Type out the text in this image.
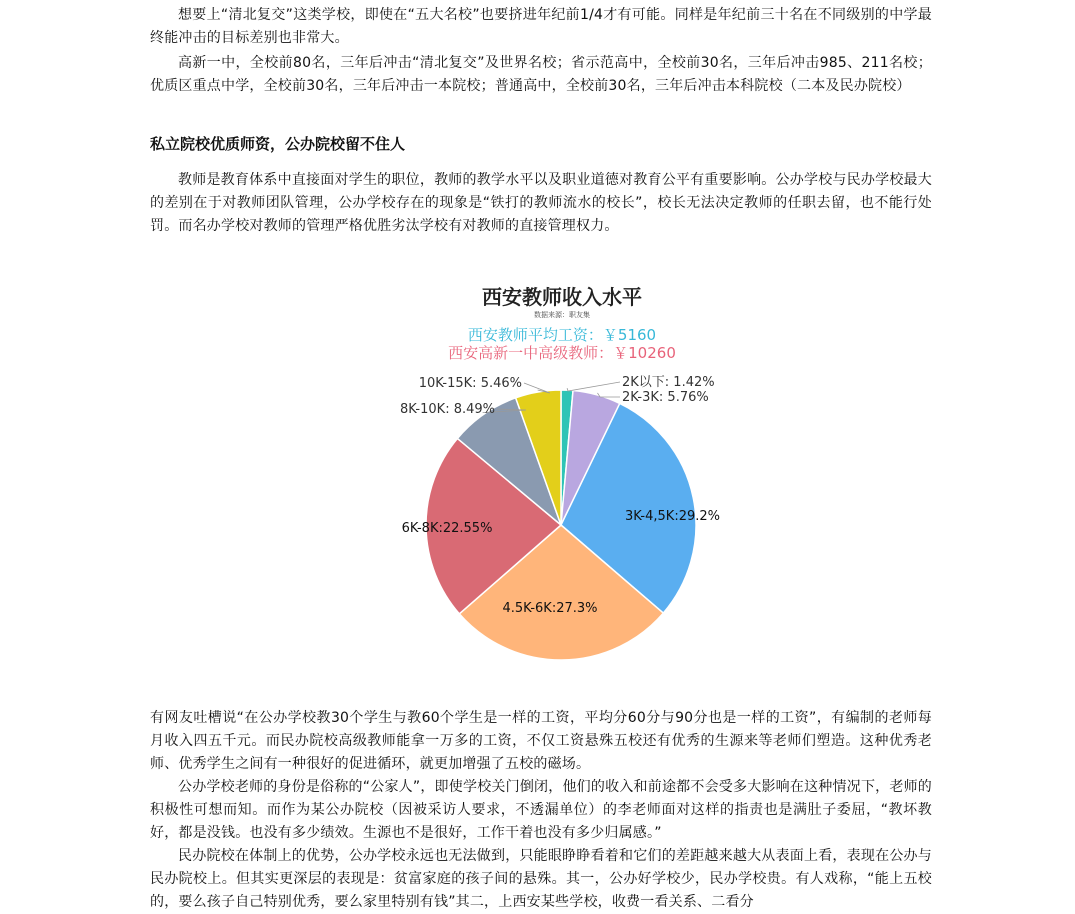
想要上“清北复交”这类学校，即使在“五大名校”也要挤进年纪前1/4才有可能。同样是年纪前三十名在不同级别的中学最终能冲击的目标差别也非常大。

高新一中，全校前80名，三年后冲击“清北复交”及世界名校；省示范高中，全校前30名，三年后冲击985、211名校；优质区重点中学，全校前30名，三年后冲击一本院校；普通高中，全校前30名，三年后冲击本科院校（二本及民办院校）

私立院校优质师资，公办院校留不住人

教师是教育体系中直接面对学生的职位，教师的教学水平以及职业道德对教育公平有重要影响。公办学校与民办学校最大的差别在于对教师团队管理，公办学校存在的现象是“铁打的教师流水的校长”，校长无法决定教师的任职去留，也不能行处罚。而名办学校对教师的管理严格优胜劣汰学校有对教师的直接管理权力。

西安教师收入水平
数据来源：职友集
西安教师平均工资：￥5160
西安高新一中高级教师：￥10260
2K以下: 1.42%
2K-3K: 5.76%
3K-4,5K:29.2%
4.5K-6K:27.3%
6K-8K:22.55%
8K-10K: 8.49%
10K-15K: 5.46%

有网友吐槽说“在公办学校教30个学生与教60个学生是一样的工资，平均分60分与90分也是一样的工资”，有编制的老师每月收入四五千元。而民办院校高级教师能拿一万多的工资，不仅工资悬殊五校还有优秀的生源来等老师们塑造。这种优秀老师、优秀学生之间有一种很好的促进循环，就更加增强了五校的磁场。

公办学校老师的身份是俗称的“公家人”，即使学校关门倒闭，他们的收入和前途都不会受多大影响在这种情况下，老师的积极性可想而知。而作为某公办院校（因被采访人要求，不透漏单位）的李老师面对这样的指责也是满肚子委屈，“教坏教好，都是没钱。也没有多少绩效。生源也不是很好，工作干着也没有多少归属感。”

民办院校在体制上的优势，公办学校永远也无法做到，只能眼睁睁看着和它们的差距越来越大从表面上看，表现在公办与民办院校上。但其实更深层的表现是：贫富家庭的孩子间的悬殊。其一，公办好学校少，民办学校贵。有人戏称，“能上五校的，要么孩子自己特别优秀，要么家里特别有钱”其二，上西安某些学校，收费一看关系、二看分
